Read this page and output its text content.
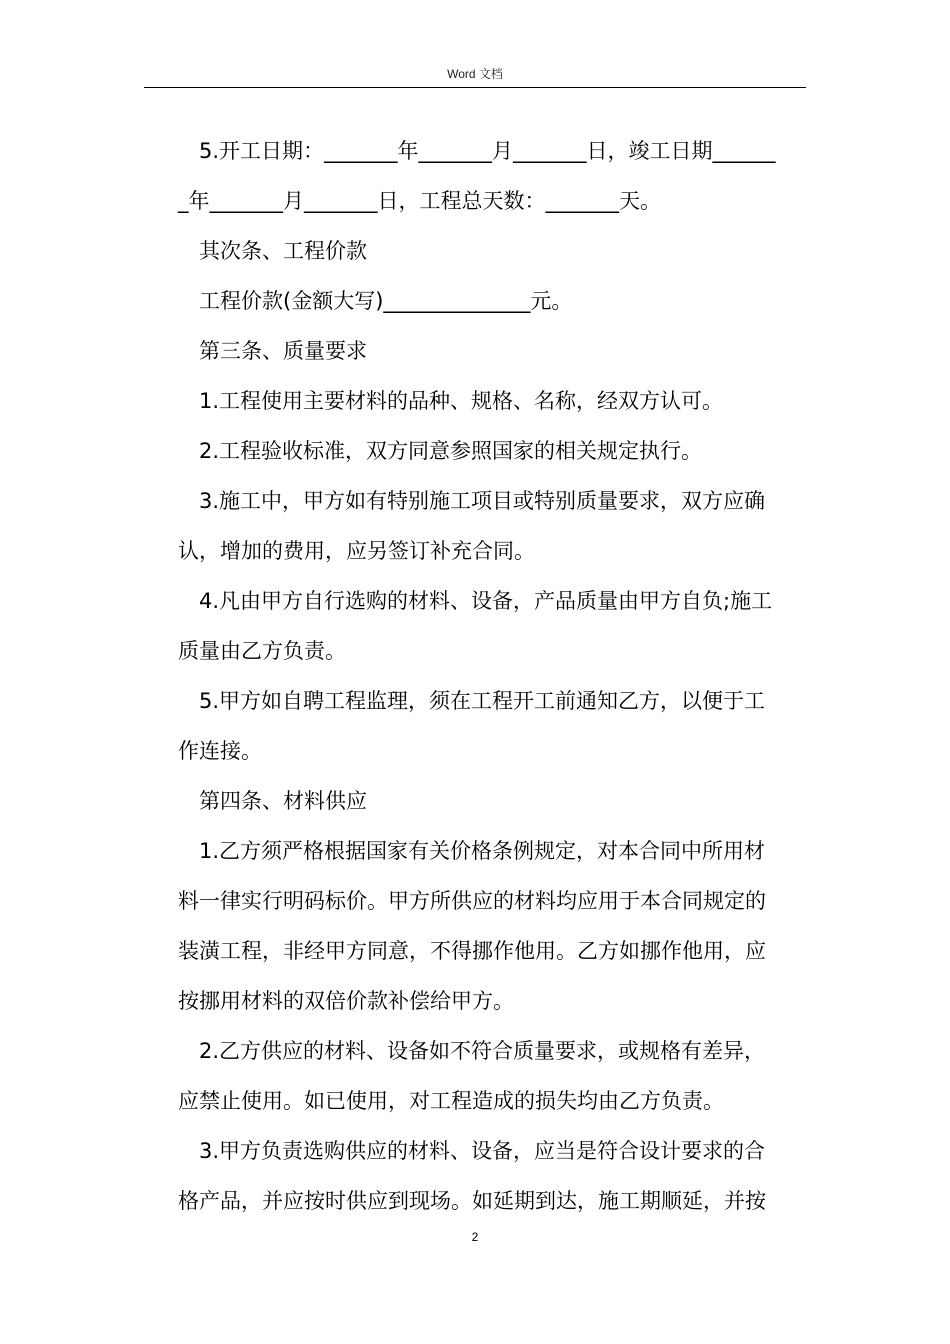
Word 文档

5.开工日期：_______年_______月_______日，竣工日期______

_年_______月_______日，工程总天数：_______天。

其次条、工程价款

工程价款(金额大写)______________元。

第三条、质量要求

1.工程使用主要材料的品种、规格、名称，经双方认可。

2.工程验收标准，双方同意参照国家的相关规定执行。

3.施工中，甲方如有特别施工项目或特别质量要求，双方应确

认，增加的费用，应另签订补充合同。

4.凡由甲方自行选购的材料、设备，产品质量由甲方自负;施工

质量由乙方负责。

5.甲方如自聘工程监理，须在工程开工前通知乙方，以便于工

作连接。

第四条、材料供应

1.乙方须严格根据国家有关价格条例规定，对本合同中所用材

料一律实行明码标价。甲方所供应的材料均应用于本合同规定的

装潢工程，非经甲方同意，不得挪作他用。乙方如挪作他用，应

按挪用材料的双倍价款补偿给甲方。

2.乙方供应的材料、设备如不符合质量要求，或规格有差异，

应禁止使用。如已使用，对工程造成的损失均由乙方负责。

3.甲方负责选购供应的材料、设备，应当是符合设计要求的合

格产品，并应按时供应到现场。如延期到达，施工期顺延，并按

2
